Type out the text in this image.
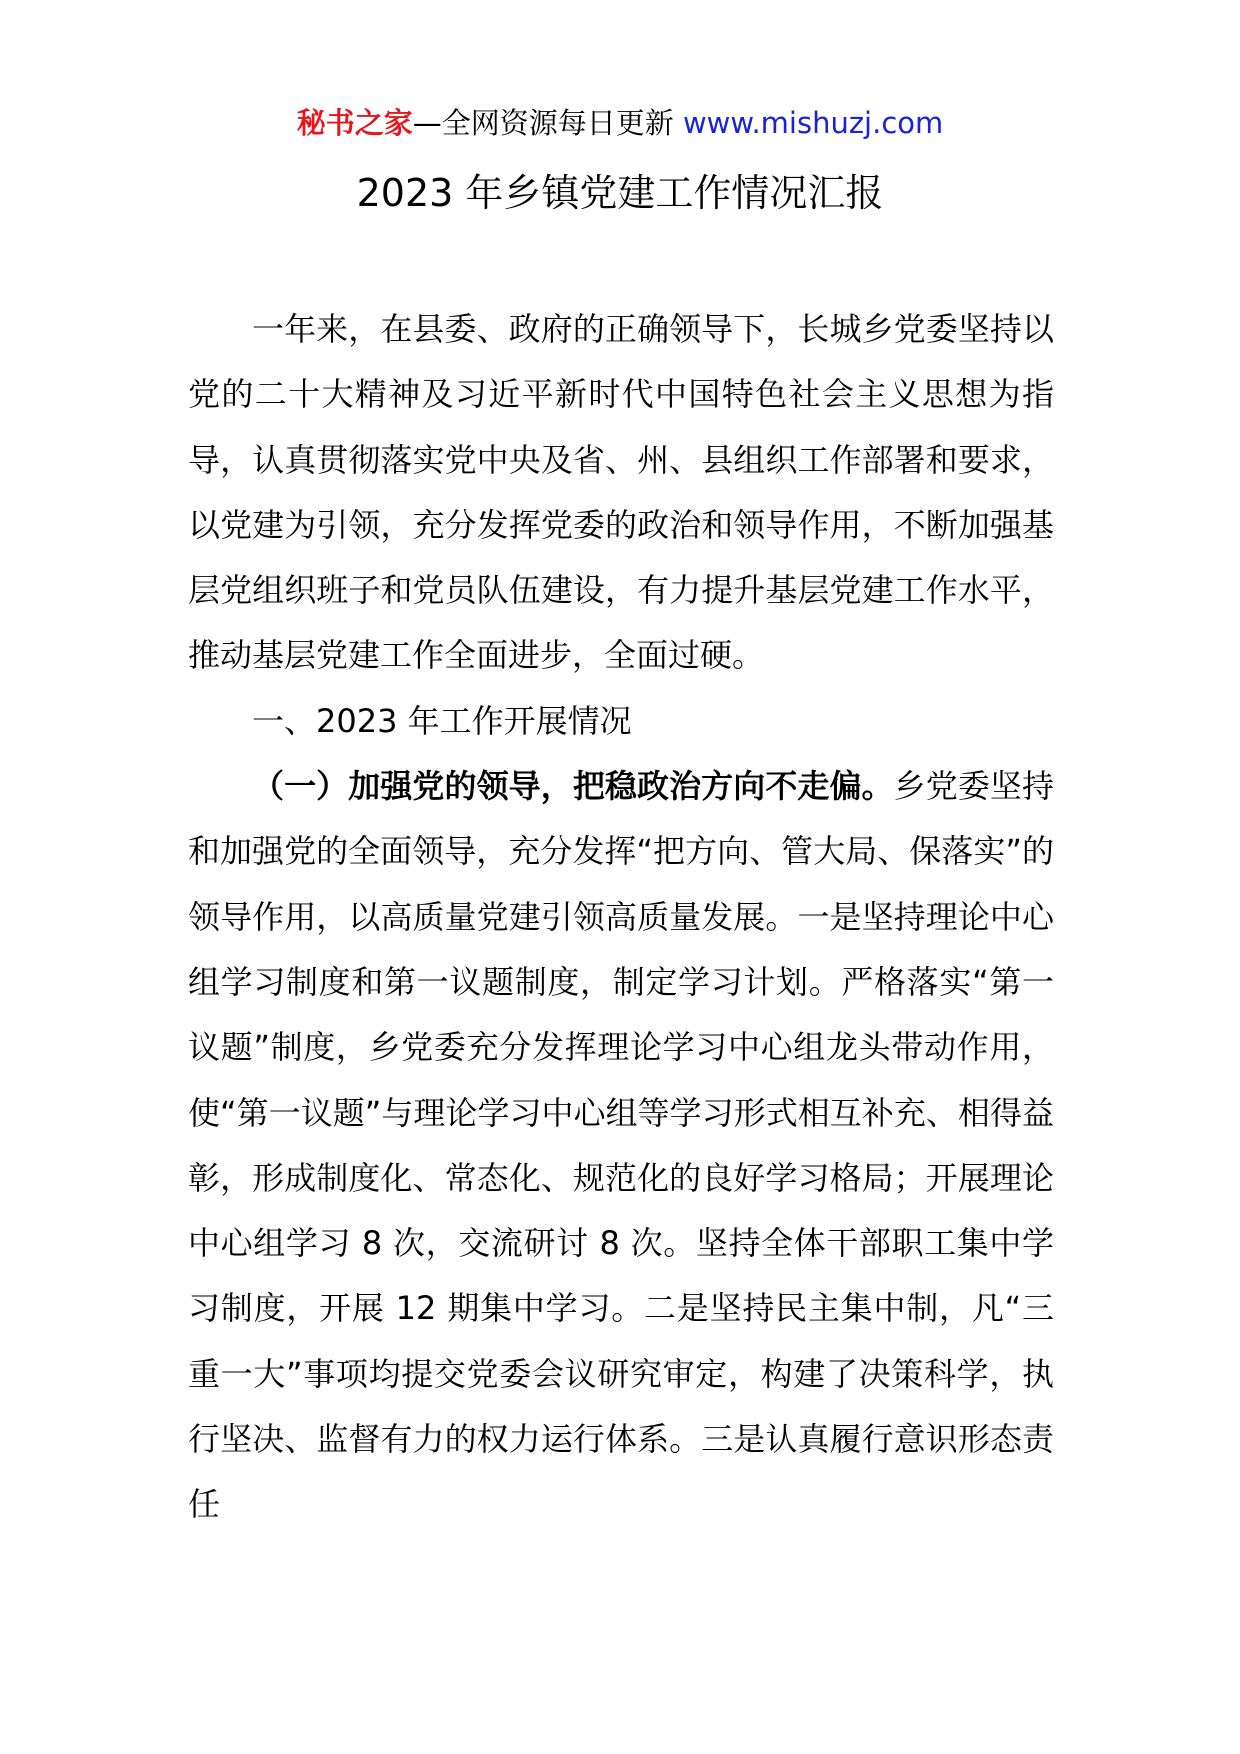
秘书之家—全网资源每日更新 www.mishuzj.com
2023 年乡镇党建工作情况汇报

一年来，在县委、政府的正确领导下，长城乡党委坚持以党的二十大精神及习近平新时代中国特色社会主义思想为指导，认真贯彻落实党中央及省、州、县组织工作部署和要求，以党建为引领，充分发挥党委的政治和领导作用，不断加强基层党组织班子和党员队伍建设，有力提升基层党建工作水平，推动基层党建工作全面进步，全面过硬。

一、2023 年工作开展情况

（一）加强党的领导，把稳政治方向不走偏。乡党委坚持和加强党的全面领导，充分发挥“把方向、管大局、保落实”的领导作用，以高质量党建引领高质量发展。一是坚持理论中心组学习制度和第一议题制度，制定学习计划。严格落实“第一议题”制度，乡党委充分发挥理论学习中心组龙头带动作用，使“第一议题”与理论学习中心组等学习形式相互补充、相得益彰，形成制度化、常态化、规范化的良好学习格局；开展理论中心组学习 8 次，交流研讨 8 次。坚持全体干部职工集中学习制度，开展 12 期集中学习。二是坚持民主集中制，凡“三重一大”事项均提交党委会议研究审定，构建了决策科学，执行坚决、监督有力的权力运行体系。三是认真履行意识形态责任
